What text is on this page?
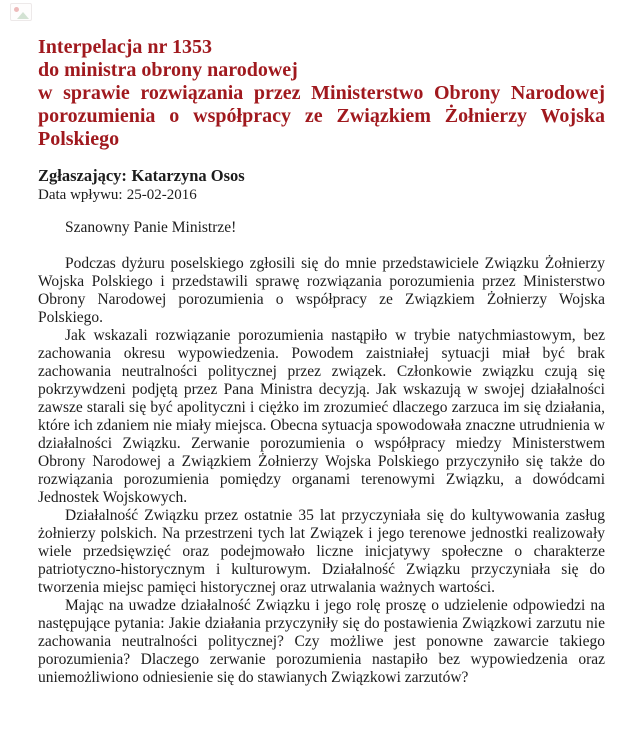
Interpelacja nr 1353
do ministra obrony narodowej
w sprawie rozwiązania przez Ministerstwo Obrony Narodowej porozumienia o współpracy ze Związkiem Żołnierzy Wojska Polskiego

Zgłaszający: Katarzyna Osos

Data wpływu: 25-02-2016

Szanowny Panie Ministrze!

Podczas dyżuru poselskiego zgłosili się do mnie przedstawiciele Związku Żołnierzy Wojska Polskiego i przedstawili sprawę rozwiązania porozumienia przez Ministerstwo Obrony Narodowej porozumienia o współpracy ze Związkiem Żołnierzy Wojska Polskiego.

Jak wskazali rozwiązanie porozumienia nastąpiło w trybie natychmiastowym, bez zachowania okresu wypowiedzenia. Powodem zaistniałej sytuacji miał być brak zachowania neutralności politycznej przez związek. Członkowie związku czują się pokrzywdzeni podjętą przez Pana Ministra decyzją. Jak wskazują w swojej działalności zawsze starali się być apolityczni i ciężko im zrozumieć dlaczego zarzuca im się działania, które ich zdaniem nie miały miejsca. Obecna sytuacja spowodowała znaczne utrudnienia w działalności Związku. Zerwanie porozumienia o współpracy miedzy Ministerstwem Obrony Narodowej a Związkiem Żołnierzy Wojska Polskiego przyczyniło się także do rozwiązania porozumienia pomiędzy organami terenowymi Związku, a dowódcami Jednostek Wojskowych.

Działalność Związku przez ostatnie 35 lat przyczyniała się do kultywowania zasług żołnierzy polskich. Na przestrzeni tych lat Związek i jego terenowe jednostki realizowały wiele przedsięwzięć oraz podejmowało liczne inicjatywy społeczne o charakterze patriotyczno-historycznym i kulturowym. Działalność Związku przyczyniała się do tworzenia miejsc pamięci historycznej oraz utrwalania ważnych wartości.

Mając na uwadze działalność Związku i jego rolę proszę o udzielenie odpowiedzi na następujące pytania: Jakie działania przyczyniły się do postawienia Związkowi zarzutu nie zachowania neutralności politycznej? Czy możliwe jest ponowne zawarcie takiego porozumienia? Dlaczego zerwanie porozumienia nastapiło bez wypowiedzenia oraz uniemożliwiono odniesienie się do stawianych Związkowi zarzutów?
